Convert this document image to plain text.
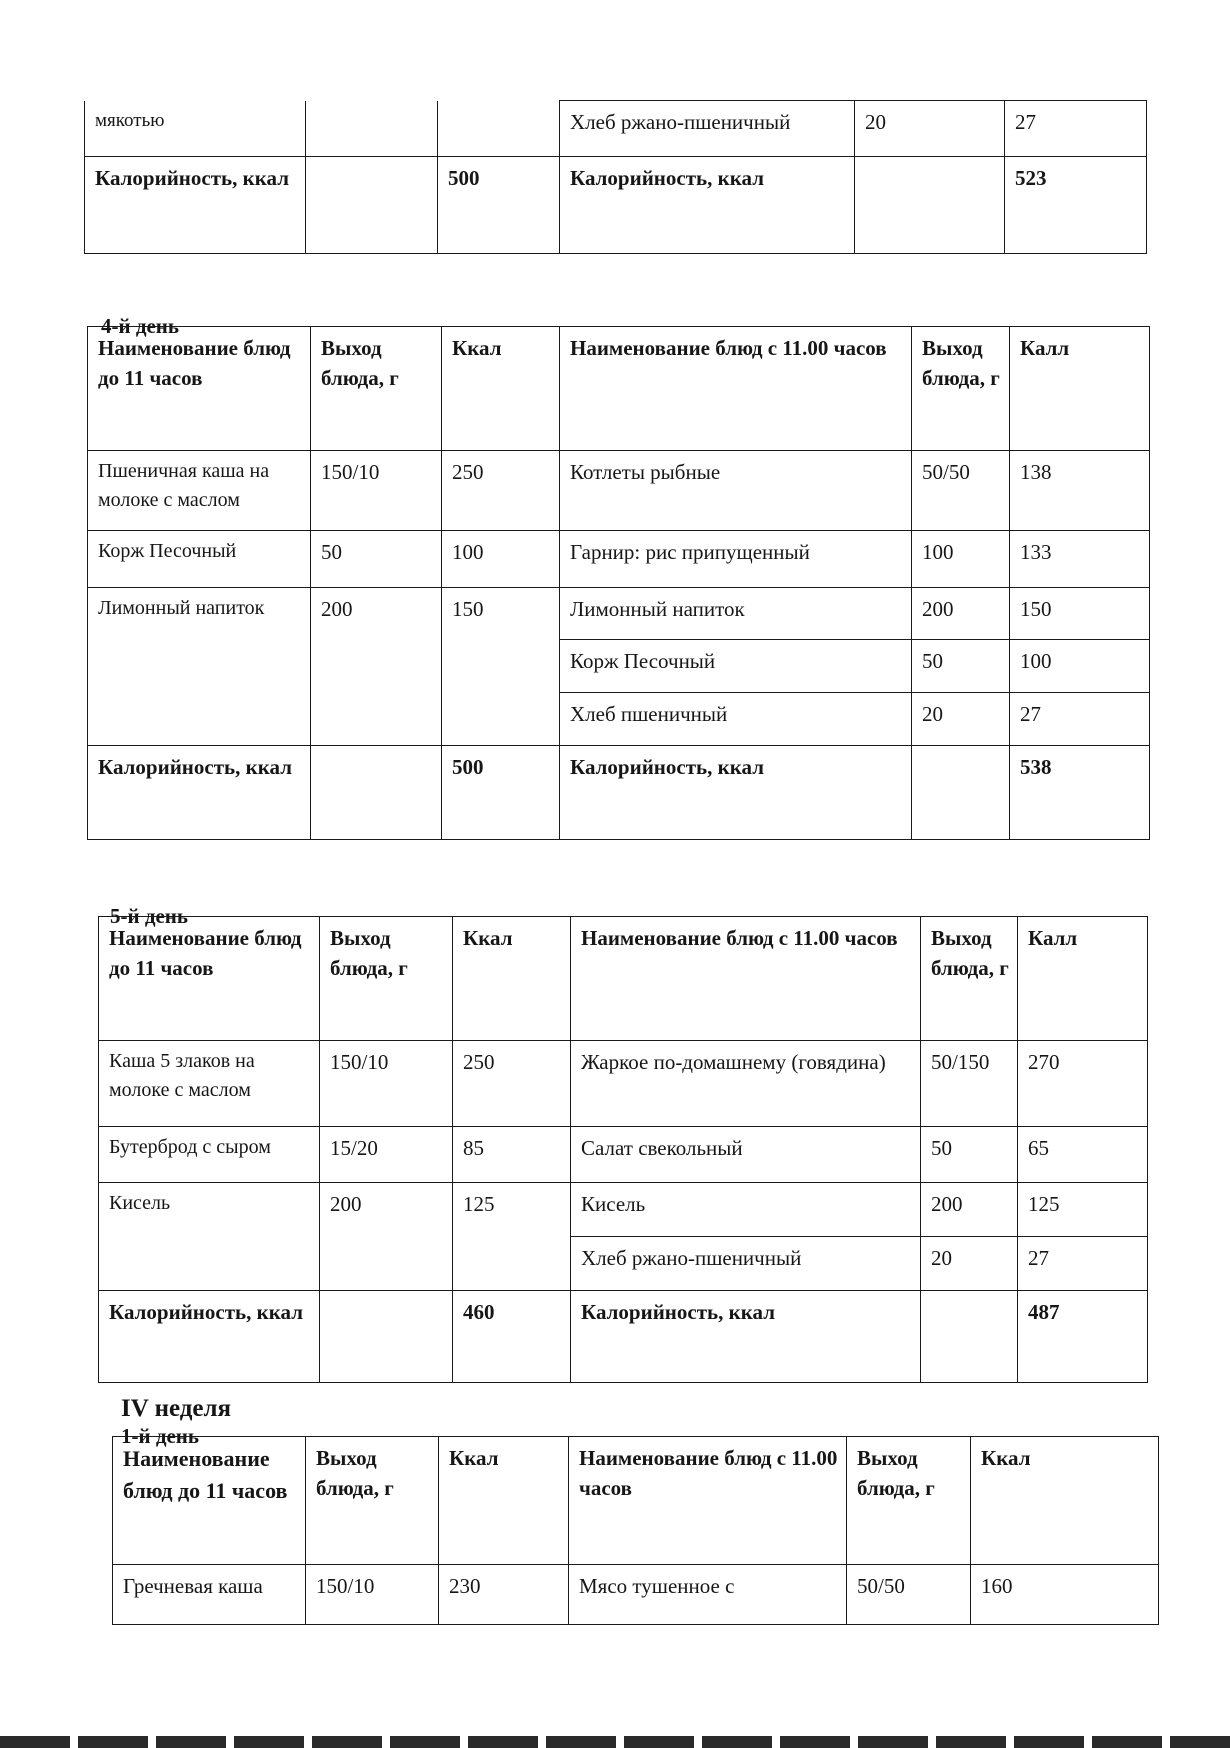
мякотью			Хлеб ржано-пшеничный	20	27
Калорийность, ккал		500	Калорийность, ккал		523
4-й день
Наименование блюд до 11 часов	Выход блюда, г	Ккал	Наименование блюд с 11.00 часов	Выход блюда, г	Калл
Пшеничная каша на молоке с маслом	150/10	250	Котлеты рыбные	50/50	138
Корж Песочный	50	100	Гарнир: рис припущенный	100	133
Лимонный напиток	200	150	Лимонный напиток	200	150
			Корж Песочный	50	100
			Хлеб пшеничный	20	27
Калорийность, ккал		500	Калорийность, ккал		538
5-й день
Наименование блюд до 11 часов	Выход блюда, г	Ккал	Наименование блюд с 11.00 часов	Выход блюда, г	Калл
Каша 5 злаков на молоке с маслом	150/10	250	Жаркое по-домашнему (говядина)	50/150	270
Бутерброд с сыром	15/20	85	Салат свекольный	50	65
Кисель	200	125	Кисель	200	125
			Хлеб ржано-пшеничный	20	27
Калорийность, ккал		460	Калорийность, ккал		487
IV неделя
1-й день
Наименование блюд до 11 часов	Выход блюда, г	Ккал	Наименование блюд с 11.00 часов	Выход блюда, г	Ккал
Гречневая каша	150/10	230	Мясо тушенное с	50/50	160
